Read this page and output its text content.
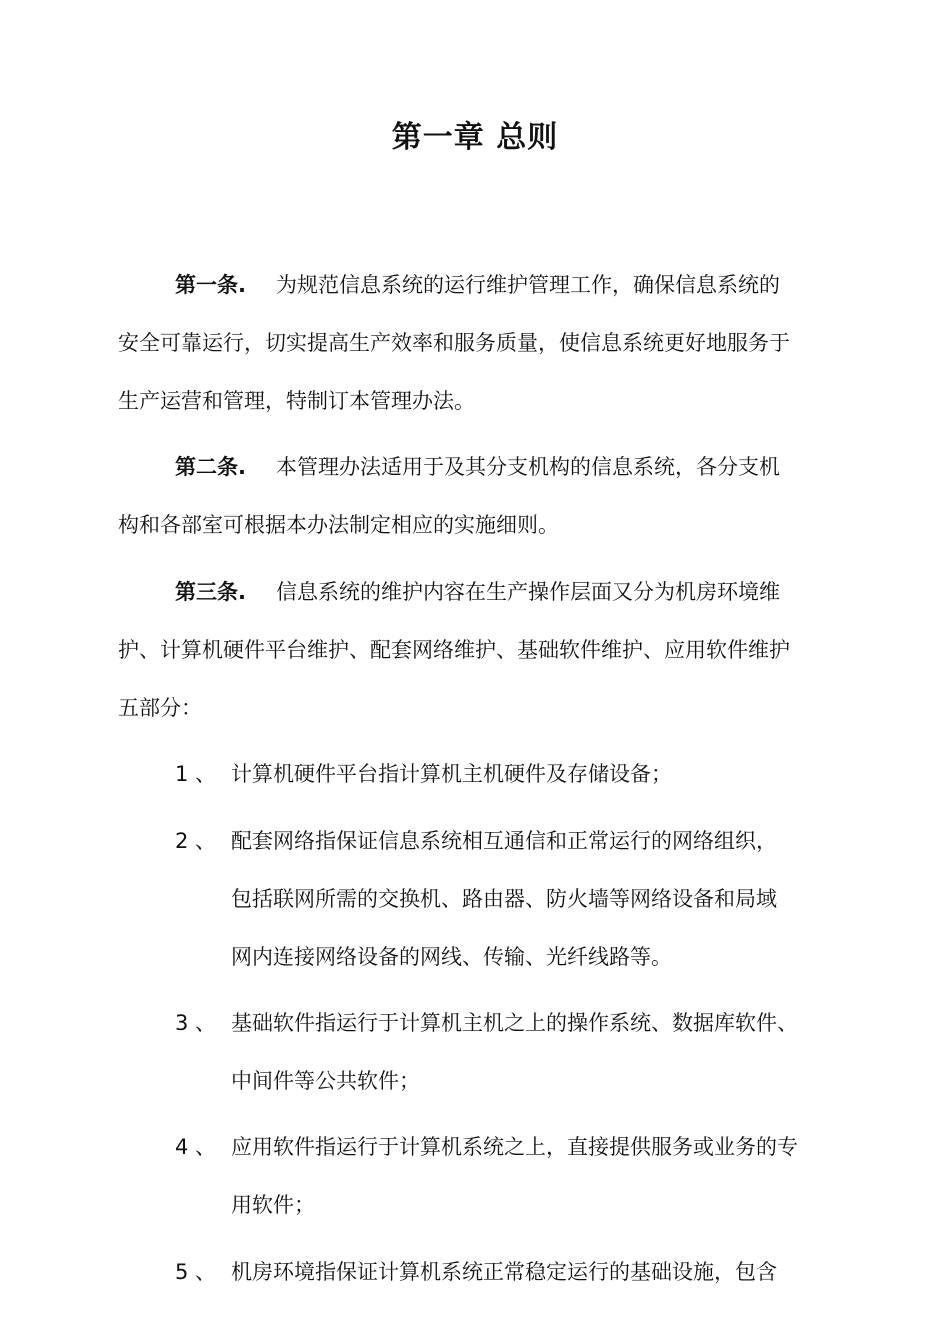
第一章 总则
第一条. 为规范信息系统的运行维护管理工作，确保信息系统的
安全可靠运行，切实提高生产效率和服务质量，使信息系统更好地服务于
生产运营和管理，特制订本管理办法。
第二条. 本管理办法适用于及其分支机构的信息系统，各分支机
构和各部室可根据本办法制定相应的实施细则。
第三条. 信息系统的维护内容在生产操作层面又分为机房环境维
护、计算机硬件平台维护、配套网络维护、基础软件维护、应用软件维护
五部分：
1 、 计算机硬件平台指计算机主机硬件及存储设备；
2 、 配套网络指保证信息系统相互通信和正常运行的网络组织，
包括联网所需的交换机、路由器、防火墙等网络设备和局域
网内连接网络设备的网线、传输、光纤线路等。
3 、 基础软件指运行于计算机主机之上的操作系统、数据库软件、
中间件等公共软件；
4 、 应用软件指运行于计算机系统之上，直接提供服务或业务的专
用软件；
5 、 机房环境指保证计算机系统正常稳定运行的基础设施，包含
